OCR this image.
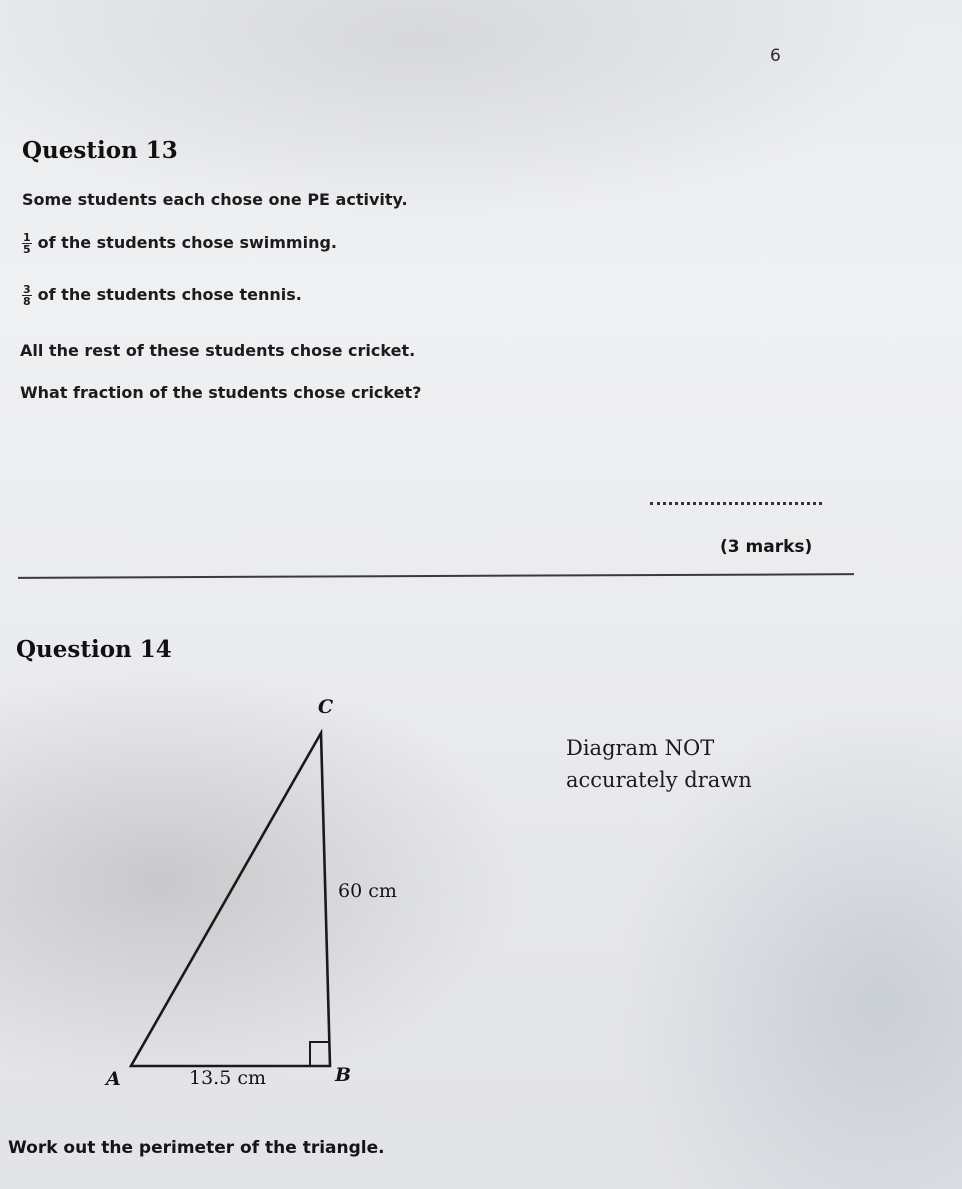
6
Question 13
Some students each chose one PE activity.
$\frac{1}{5}$ of the students chose swimming.
$\frac{3}{8}$ of the students chose tennis.
All the rest of these students chose cricket.
What fraction of the students chose cricket?
(3 marks)
Question 14
Diagram NOT
accurately drawn
C
60 cm
A	13.5 cm	B
Work out the perimeter of the triangle.
